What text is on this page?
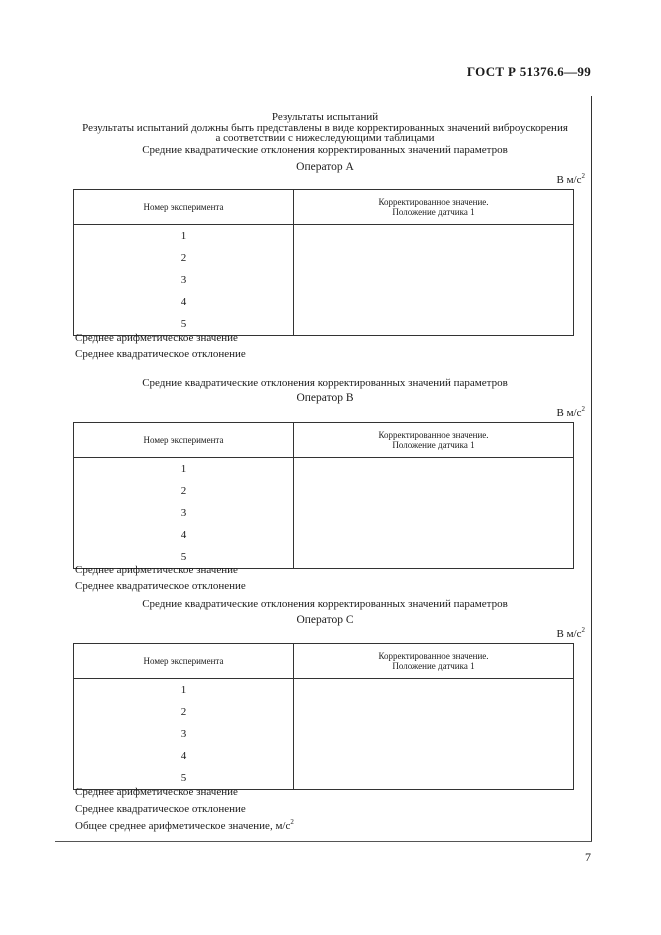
ГОСТ Р 51376.6—99
Результаты испытаний
Результаты испытаний должны быть представлены в виде корректированных значений виброускорения
а соответствии с нижеследующими таблицами
Средние квадратические отклонения корректированных значений параметров
Оператор А
В $м/с^2$
Номер эксперимента	Корректированное значение.
Положение датчика 1

1
2
3
4
5	

Среднее арифметическое значение
Среднее квадратическое отклонение
Средние квадратические отклонения корректированных значений параметров
Оператор В
В $м/с^2$
Номер эксперимента	Корректированное значение.
Положение датчика 1

1
2
3
4
5	

Среднее арифметическое значение
Среднее квадратическое отклонение
Средние квадратические отклонения корректированных значений параметров
Оператор С
В $м/с^2$
Номер эксперимента	Корректированное значение.
Положение датчика 1

1
2
3
4
5	

Среднее арифметическое значение
Среднее квадратическое отклонение
Общее среднее арифметическое значение, $м/с^2$
7
